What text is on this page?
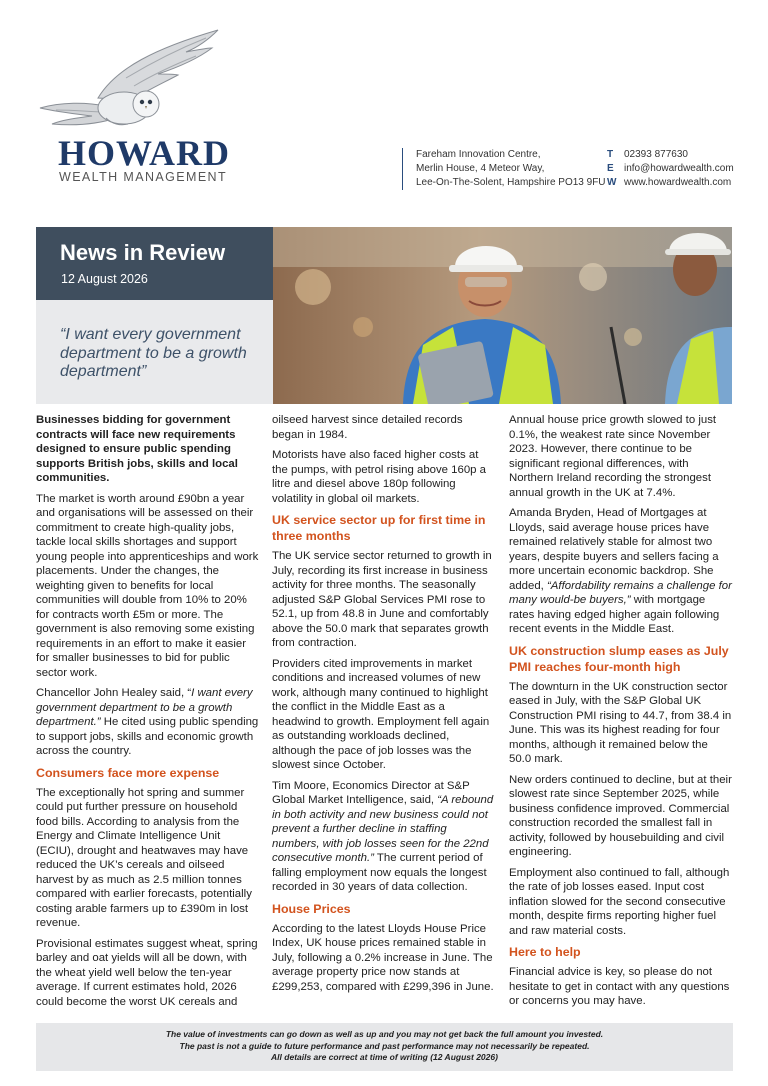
HOWARD
WEALTH MANAGEMENT
Fareham Innovation Centre,
Merlin House, 4 Meteor Way,
Lee-On-The-Solent, Hampshire PO13 9FU
T	02393 877630
E	info@howardwealth.com
W www.howardwealth.com
News in Review
12 August 2026

“I want every government department to be a growth department”

Businesses bidding for government contracts will face new requirements designed to ensure public spending supports British jobs, skills and local communities.

The market is worth around £90bn a year and organisations will be assessed on their commitment to create high-quality jobs, tackle local skills shortages and support young people into apprenticeships and work placements. Under the changes, the weighting given to benefits for local communities will double from 10% to 20% for contracts worth £5m or more. The government is also removing some existing requirements in an effort to make it easier for smaller businesses to bid for public sector work.

Chancellor John Healey said, “I want every government department to be a growth department.” He cited using public spending to support jobs, skills and economic growth across the country.

Consumers face more expense

The exceptionally hot spring and summer could put further pressure on household food bills. According to analysis from the Energy and Climate Intelligence Unit (ECIU), drought and heatwaves may have reduced the UK’s cereals and oilseed harvest by as much as 2.5 million tonnes compared with earlier forecasts, potentially costing arable farmers up to £390m in lost revenue.

Provisional estimates suggest wheat, spring barley and oat yields will all be down, with the wheat yield well below the ten-year average. If current estimates hold, 2026 could become the worst UK cereals and

oilseed harvest since detailed records began in 1984.

Motorists have also faced higher costs at the pumps, with petrol rising above 160p a litre and diesel above 180p following volatility in global oil markets.

UK service sector up for first time in three months

The UK service sector returned to growth in July, recording its first increase in business activity for three months. The seasonally adjusted S&P Global Services PMI rose to 52.1, up from 48.8 in June and comfortably above the 50.0 mark that separates growth from contraction.

Providers cited improvements in market conditions and increased volumes of new work, although many continued to highlight the conflict in the Middle East as a headwind to growth. Employment fell again as outstanding workloads declined, although the pace of job losses was the slowest since October.

Tim Moore, Economics Director at S&P Global Market Intelligence, said, “A rebound in both activity and new business could not prevent a further decline in staffing numbers, with job losses seen for the 22nd consecutive month.” The current period of falling employment now equals the longest recorded in 30 years of data collection.

House Prices

According to the latest Lloyds House Price Index, UK house prices remained stable in July, following a 0.2% increase in June. The average property price now stands at £299,253, compared with £299,396 in June.

Annual house price growth slowed to just 0.1%, the weakest rate since November 2023. However, there continue to be significant regional differences, with Northern Ireland recording the strongest annual growth in the UK at 7.4%.

Amanda Bryden, Head of Mortgages at Lloyds, said average house prices have remained relatively stable for almost two years, despite buyers and sellers facing a more uncertain economic backdrop. She added, “Affordability remains a challenge for many would-be buyers,” with mortgage rates having edged higher again following recent events in the Middle East.

UK construction slump eases as July PMI reaches four-month high

The downturn in the UK construction sector eased in July, with the S&P Global UK Construction PMI rising to 44.7, from 38.4 in June. This was its highest reading for four months, although it remained below the 50.0 mark.

New orders continued to decline, but at their slowest rate since September 2025, while business confidence improved. Commercial construction recorded the smallest fall in activity, followed by housebuilding and civil engineering.

Employment also continued to fall, although the rate of job losses eased. Input cost inflation slowed for the second consecutive month, despite firms reporting higher fuel and raw material costs.

Here to help

Financial advice is key, so please do not hesitate to get in contact with any questions or concerns you may have.

The value of investments can go down as well as up and you may not get back the full amount you invested.
The past is not a guide to future performance and past performance may not necessarily be repeated.
All details are correct at time of writing (12 August 2026)
